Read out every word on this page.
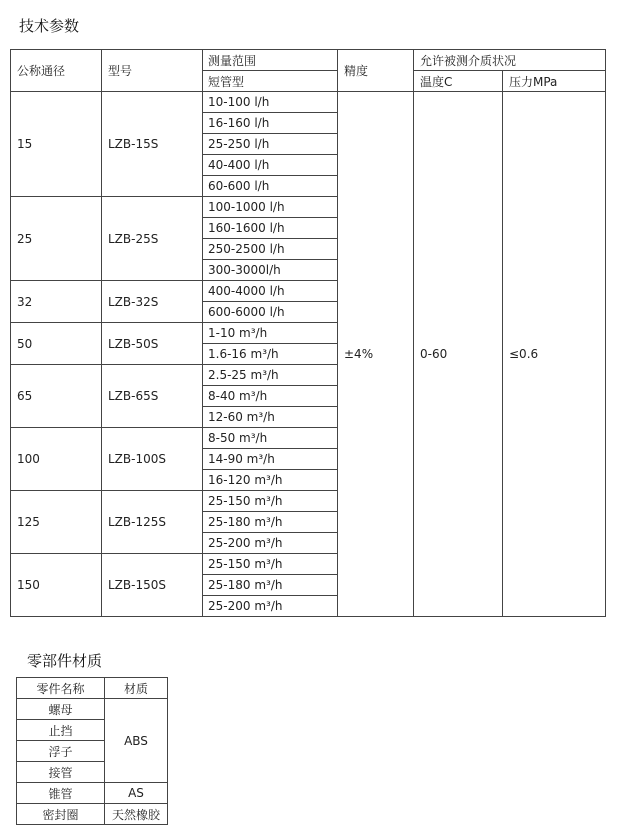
技术参数
公称通径	型号	测量范围	精度	允许被测介质状况	
		短管型		温度C	压力MPa
15	LZB-15S	10-100 l/h	±4%	0-60	≤0.6
		16-160 l/h			
		25-250 l/h			
		40-400 l/h			
		60-600 l/h			
25	LZB-25S	100-1000 l/h			
		160-1600 l/h			
		250-2500 l/h			
		300-3000l/h			
32	LZB-32S	400-4000 l/h			
		600-6000 l/h			
50	LZB-50S	1-10 m³/h			
		1.6-16 m³/h			
65	LZB-65S	2.5-25 m³/h			
		8-40 m³/h			
		12-60 m³/h			
100	LZB-100S	8-50 m³/h			
		14-90 m³/h			
		16-120 m³/h			
125	LZB-125S	25-150 m³/h			
		25-180 m³/h			
		25-200 m³/h			
150	LZB-150S	25-150 m³/h			
		25-180 m³/h			
		25-200 m³/h			
零部件材质
零件名称	材质
螺母	ABS
止挡	
浮子	
接管	
锥管	AS
密封圈	天然橡胶
